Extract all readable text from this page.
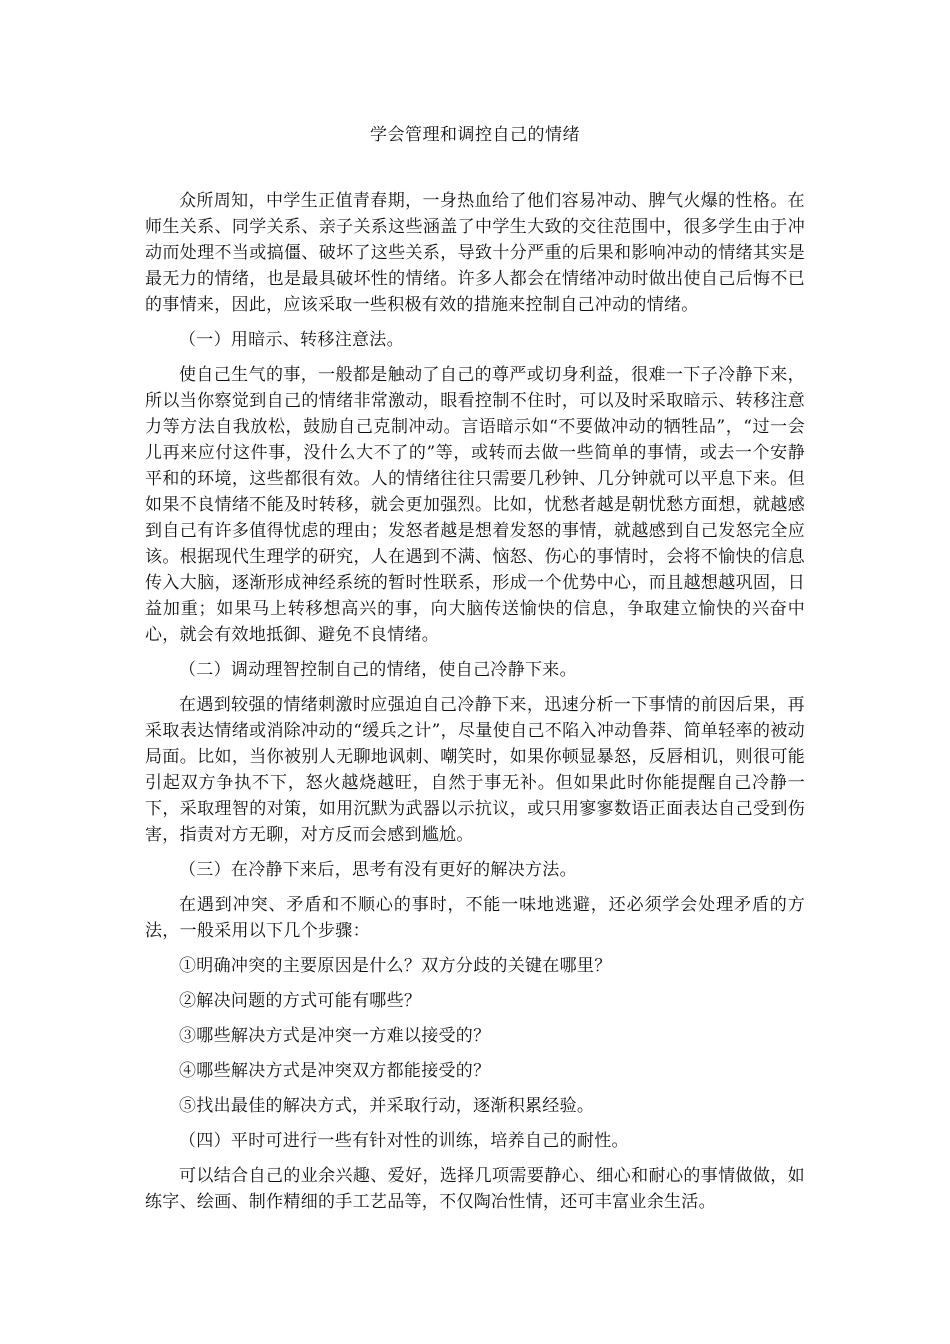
学会管理和调控自己的情绪

众所周知，中学生正值青春期，一身热血给了他们容易冲动、脾气火爆的性格。在师生关系、同学关系、亲子关系这些涵盖了中学生大致的交往范围中，很多学生由于冲动而处理不当或搞僵、破坏了这些关系，导致十分严重的后果和影响冲动的情绪其实是最无力的情绪，也是最具破坏性的情绪。许多人都会在情绪冲动时做出使自己后悔不已的事情来，因此，应该采取一些积极有效的措施来控制自己冲动的情绪。

（一）用暗示、转移注意法。

使自己生气的事，一般都是触动了自己的尊严或切身利益，很难一下子冷静下来，所以当你察觉到自己的情绪非常激动，眼看控制不住时，可以及时采取暗示、转移注意力等方法自我放松，鼓励自己克制冲动。言语暗示如“不要做冲动的牺牲品”，“过一会儿再来应付这件事，没什么大不了的”等，或转而去做一些简单的事情，或去一个安静平和的环境，这些都很有效。人的情绪往往只需要几秒钟、几分钟就可以平息下来。但如果不良情绪不能及时转移，就会更加强烈。比如，忧愁者越是朝忧愁方面想，就越感到自己有许多值得忧虑的理由；发怒者越是想着发怒的事情，就越感到自己发怒完全应该。根据现代生理学的研究，人在遇到不满、恼怒、伤心的事情时，会将不愉快的信息传入大脑，逐渐形成神经系统的暂时性联系，形成一个优势中心，而且越想越巩固，日益加重；如果马上转移想高兴的事，向大脑传送愉快的信息，争取建立愉快的兴奋中心，就会有效地抵御、避免不良情绪。

（二）调动理智控制自己的情绪，使自己冷静下来。

在遇到较强的情绪刺激时应强迫自己冷静下来，迅速分析一下事情的前因后果，再采取表达情绪或消除冲动的“缓兵之计”，尽量使自己不陷入冲动鲁莽、简单轻率的被动局面。比如，当你被别人无聊地讽刺、嘲笑时，如果你顿显暴怒，反唇相讥，则很可能引起双方争执不下，怒火越烧越旺，自然于事无补。但如果此时你能提醒自己冷静一下，采取理智的对策，如用沉默为武器以示抗议，或只用寥寥数语正面表达自己受到伤害，指责对方无聊，对方反而会感到尴尬。

（三）在冷静下来后，思考有没有更好的解决方法。

在遇到冲突、矛盾和不顺心的事时，不能一味地逃避，还必须学会处理矛盾的方法，一般采用以下几个步骤：

①明确冲突的主要原因是什么？双方分歧的关键在哪里？

②解决问题的方式可能有哪些？

③哪些解决方式是冲突一方难以接受的？

④哪些解决方式是冲突双方都能接受的？

⑤找出最佳的解决方式，并采取行动，逐渐积累经验。

（四）平时可进行一些有针对性的训练，培养自己的耐性。

可以结合自己的业余兴趣、爱好，选择几项需要静心、细心和耐心的事情做做，如练字、绘画、制作精细的手工艺品等，不仅陶冶性情，还可丰富业余生活。
